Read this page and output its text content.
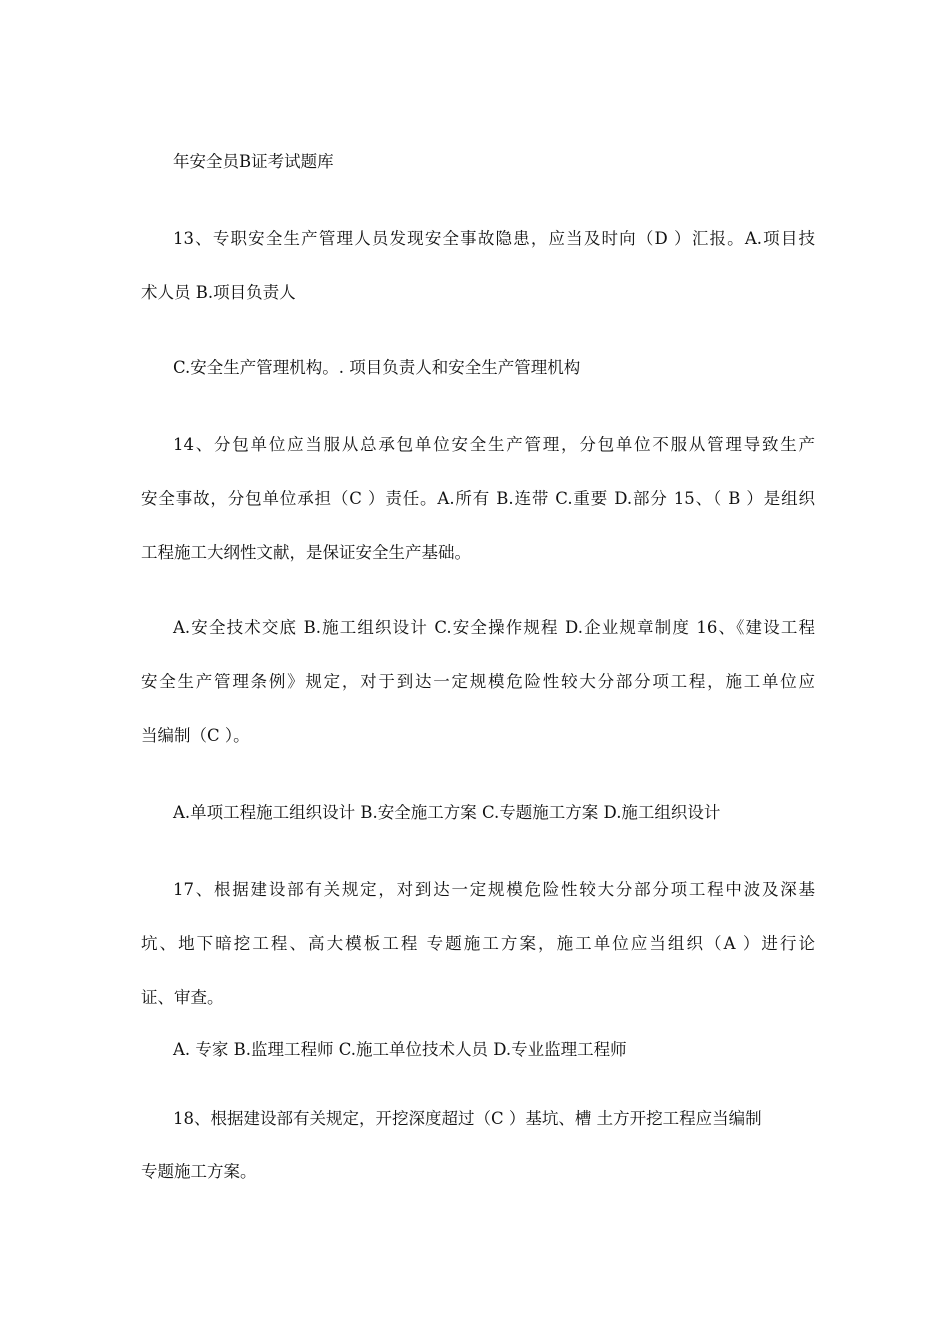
年安全员B证考试题库
13、专职安全生产管理人员发现安全事故隐患，应当及时向（D ）汇报。A.项目技
术人员 B.项目负责人
C.安全生产管理机构。. 项目负责人和安全生产管理机构
14、分包单位应当服从总承包单位安全生产管理，分包单位不服从管理导致生产
安全事故，分包单位承担（C ）责任。A.所有 B.连带 C.重要 D.部分 15、（ B ）是组织
工程施工大纲性文献，是保证安全生产基础。
A.安全技术交底 B.施工组织设计 C.安全操作规程 D.企业规章制度 16、《建设工程
安全生产管理条例》规定，对于到达一定规模危险性较大分部分项工程，施工单位应
当编制（C ）。
A.单项工程施工组织设计 B.安全施工方案 C.专题施工方案 D.施工组织设计
17、根据建设部有关规定，对到达一定规模危险性较大分部分项工程中波及深基
坑、地下暗挖工程、高大模板工程 专题施工方案，施工单位应当组织（A ）进行论
证、审查。
A. 专家 B.监理工程师 C.施工单位技术人员 D.专业监理工程师
18、根据建设部有关规定，开挖深度超过（C ）基坑、槽 土方开挖工程应当编制
专题施工方案。
